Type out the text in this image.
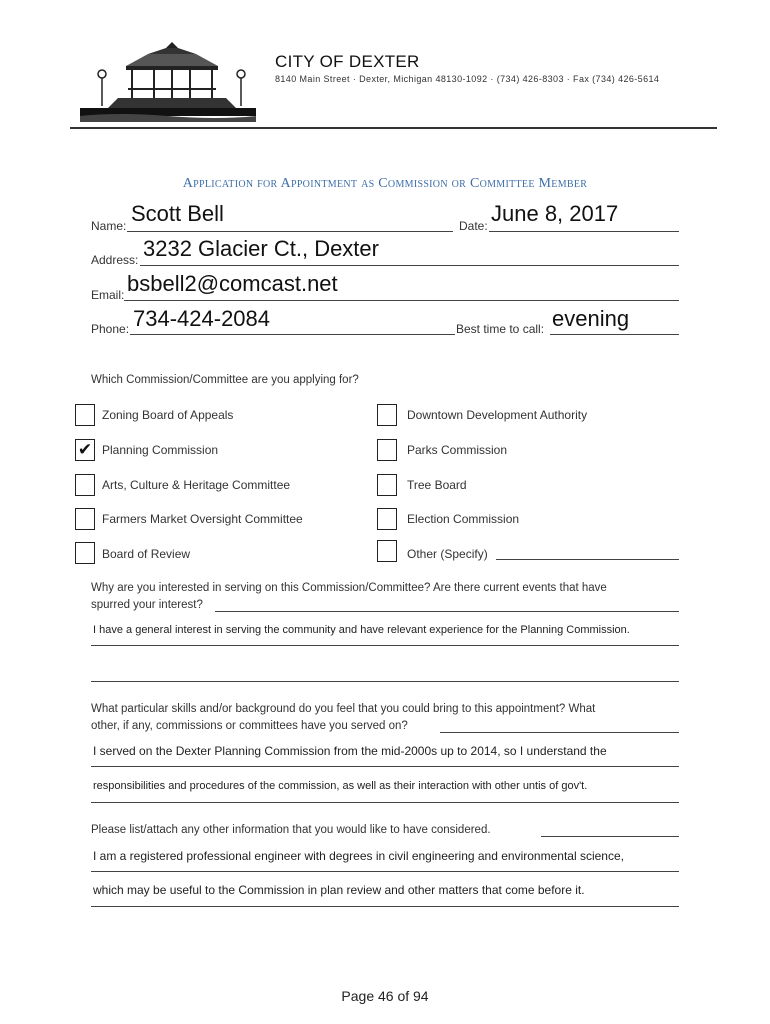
CITY OF DEXTER
8140 Main Street · Dexter, Michigan 48130-1092 · (734) 426-8303 · Fax (734) 426-5614
Application for Appointment as Commission or Committee Member
Name: Scott Bell	Date: June 8, 2017
Address: 3232 Glacier Ct., Dexter
Email: bsbell2@comcast.net
Phone: 734-424-2084	Best time to call: evening
Which Commission/Committee are you applying for?
Zoning Board of Appeals
✔ Planning Commission
Arts, Culture & Heritage Committee
Farmers Market Oversight Committee
Board of Review
Downtown Development Authority
Parks Commission
Tree Board
Election Commission
Other (Specify)
Why are you interested in serving on this Commission/Committee? Are there current events that have
spurred your interest?
I have a general interest in serving the community and have relevant experience for the Planning Commission.
What particular skills and/or background do you feel that you could bring to this appointment? What
other, if any, commissions or committees have you served on?
I served on the Dexter Planning Commission from the mid-2000s up to 2014, so I understand the
responsibilities and procedures of the commission, as well as their interaction with other untis of gov't.
Please list/attach any other information that you would like to have considered.
I am a registered professional engineer with degrees in civil engineering and environmental science,
which may be useful to the Commission in plan review and other matters that come before it.
Page 46 of 94
